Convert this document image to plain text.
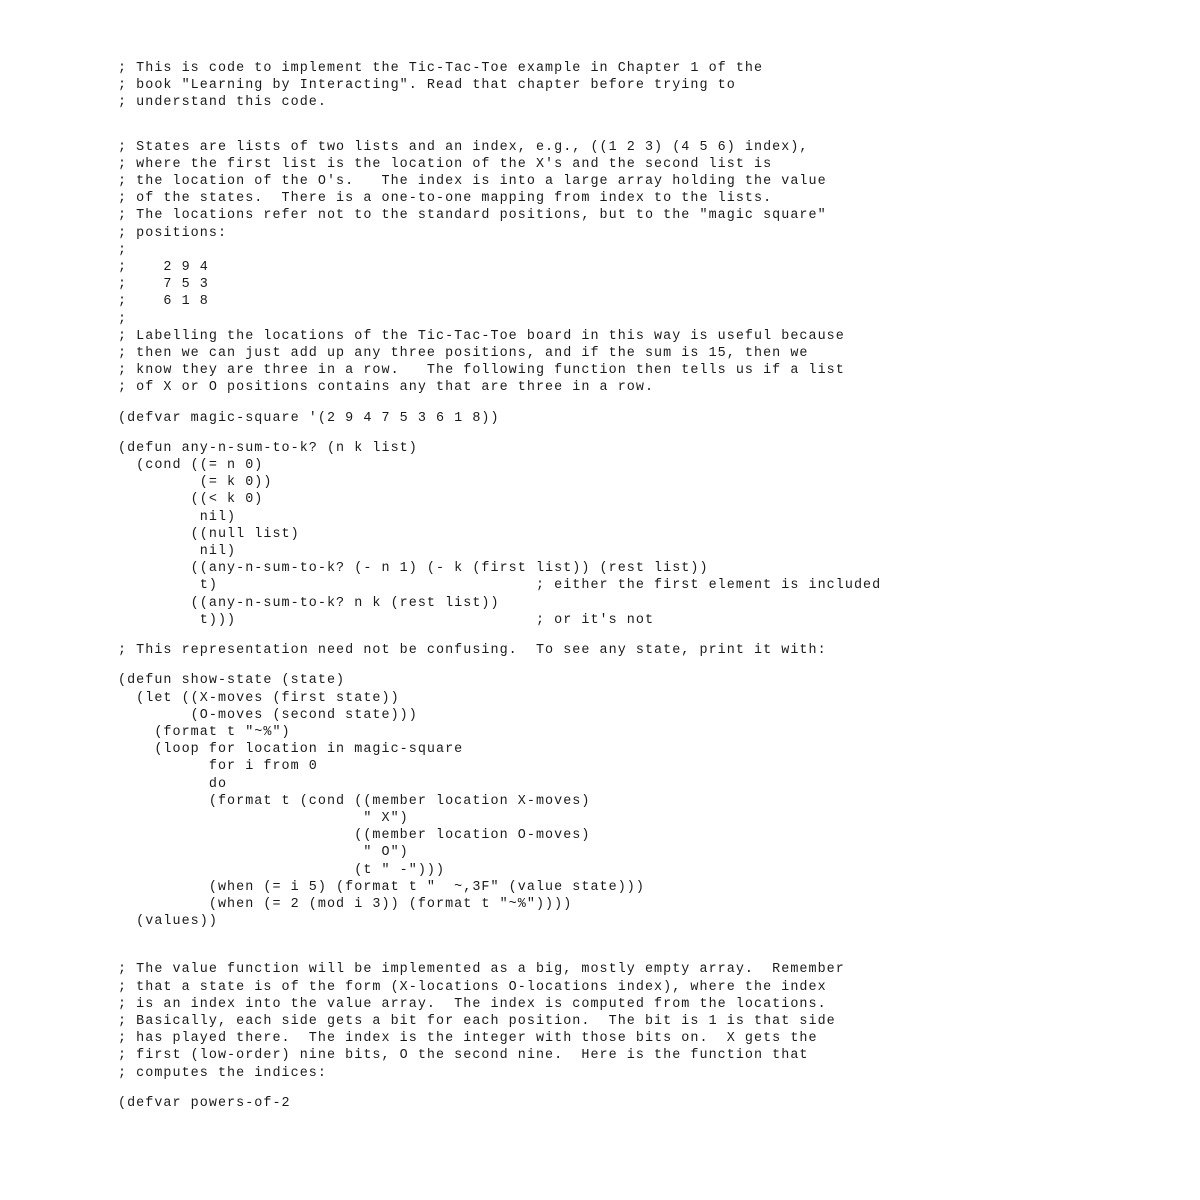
; This is code to implement the Tic-Tac-Toe example in Chapter 1 of the
; book "Learning by Interacting". Read that chapter before trying to
; understand this code.
; States are lists of two lists and an index, e.g., ((1 2 3) (4 5 6) index),
; where the first list is the location of the X's and the second list is
; the location of the O's.   The index is into a large array holding the value
; of the states.  There is a one-to-one mapping from index to the lists.
; The locations refer not to the standard positions, but to the "magic square"
; positions:
;
;    2 9 4
;    7 5 3
;    6 1 8
;
; Labelling the locations of the Tic-Tac-Toe board in this way is useful because
; then we can just add up any three positions, and if the sum is 15, then we
; know they are three in a row.   The following function then tells us if a list
; of X or O positions contains any that are three in a row.
(defvar magic-square '(2 9 4 7 5 3 6 1 8))
(defun any-n-sum-to-k? (n k list)
(cond ((= n 0)
(= k 0))
((< k 0)
nil)
((null list)
nil)
((any-n-sum-to-k? (- n 1) (- k (first list)) (rest list))
t)                                   ; either the first element is included
((any-n-sum-to-k? n k (rest list))
t)))                                 ; or it's not
; This representation need not be confusing.  To see any state, print it with:
(defun show-state (state)
(let ((X-moves (first state))
(O-moves (second state)))
(format t "~%")
(loop for location in magic-square
for i from 0
do
(format t (cond ((member location X-moves)
" X")
((member location O-moves)
" O")
(t " -")))
(when (= i 5) (format t "  ~,3F" (value state)))
(when (= 2 (mod i 3)) (format t "~%"))))
(values))
; The value function will be implemented as a big, mostly empty array.  Remember
; that a state is of the form (X-locations O-locations index), where the index
; is an index into the value array.  The index is computed from the locations.
; Basically, each side gets a bit for each position.  The bit is 1 is that side
; has played there.  The index is the integer with those bits on.  X gets the
; first (low-order) nine bits, O the second nine.  Here is the function that
; computes the indices:
(defvar powers-of-2
